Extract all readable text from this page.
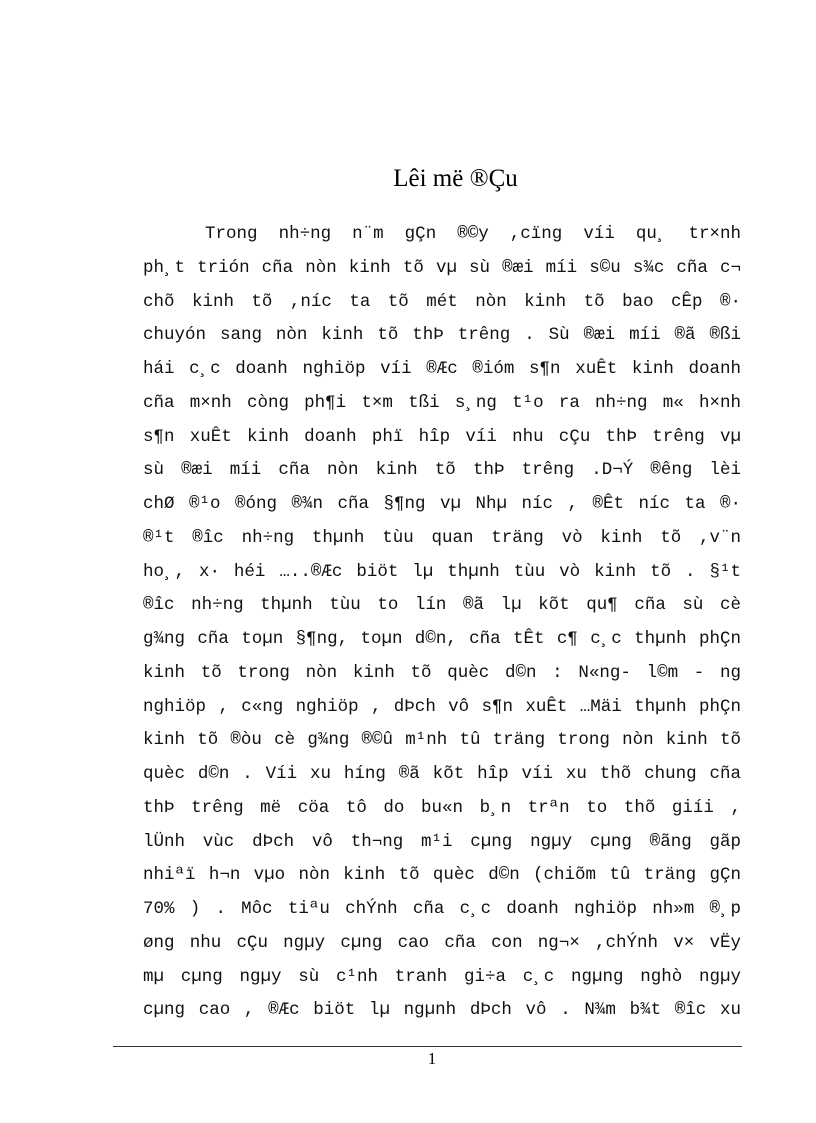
Lêi më ®Çu
Trong nh÷ng n¨m gÇn ®©y ,cïng víi qu¸ tr×nh
ph¸t trión cña nòn kinh tõ vµ sù ®æi míi s©u s¾c cña c¬
chõ kinh tõ ,níc ta tõ mét nòn kinh tõ bao cÊp ®·
chuyón sang nòn kinh tõ thÞ trêng . Sù ®æi míi ®ã ®ßi
hái c¸c doanh nghiöp víi ®Æc ®ióm s¶n xuÊt kinh doanh
cña m×nh còng ph¶i t×m tßi s¸ng t¹o ra nh÷ng m« h×nh
s¶n xuÊt kinh doanh phï hîp víi nhu cÇu thÞ trêng vµ
sù ®æi míi cña nòn kinh tõ thÞ trêng .D¬Ý ®êng lèi
chØ ®¹o ®óng ®¾n cña §¶ng vµ Nhµ níc , ®Êt níc ta ®·
®¹t ®îc nh÷ng thµnh tùu quan träng vò kinh tõ ,v¨n
ho¸, x· héi …..®Æc biöt lµ thµnh tùu vò kinh tõ . §¹t
®îc nh÷ng thµnh tùu to lín ®ã lµ kõt qu¶ cña sù cè
g¾ng cña toµn §¶ng, toµn d©n, cña tÊt c¶ c¸c thµnh phÇn
kinh tõ trong nòn kinh tõ quèc d©n : N«ng- l©m - ng
nghiöp , c«ng nghiöp , dÞch vô s¶n xuÊt …Mäi thµnh phÇn
kinh tõ ®òu cè g¾ng ®©û m¹nh tû träng trong nòn kinh tõ
quèc d©n . Víi xu híng ®ã kõt hîp víi xu thõ chung cña
thÞ trêng më cöa tô do bu«n b¸n trªn to thõ giíi ,
lÜnh vùc dÞch vô th¬ng m¹i cµng ngµy cµng ®ãng gãp
nhiªï h¬n vµo nòn kinh tõ quèc d©n (chiõm tû träng gÇn
70% ) . Môc tiªu chÝnh cña c¸c doanh nghiöp nh»m ®¸p
øng nhu cÇu ngµy cµng cao cña con ng¬× ,chÝnh v× vËy
mµ cµng ngµy sù c¹nh tranh gi÷a c¸c ngµng nghò ngµy
cµng cao , ®Æc biöt lµ ngµnh dÞch vô . N¾m b¾t ®îc xu
1
